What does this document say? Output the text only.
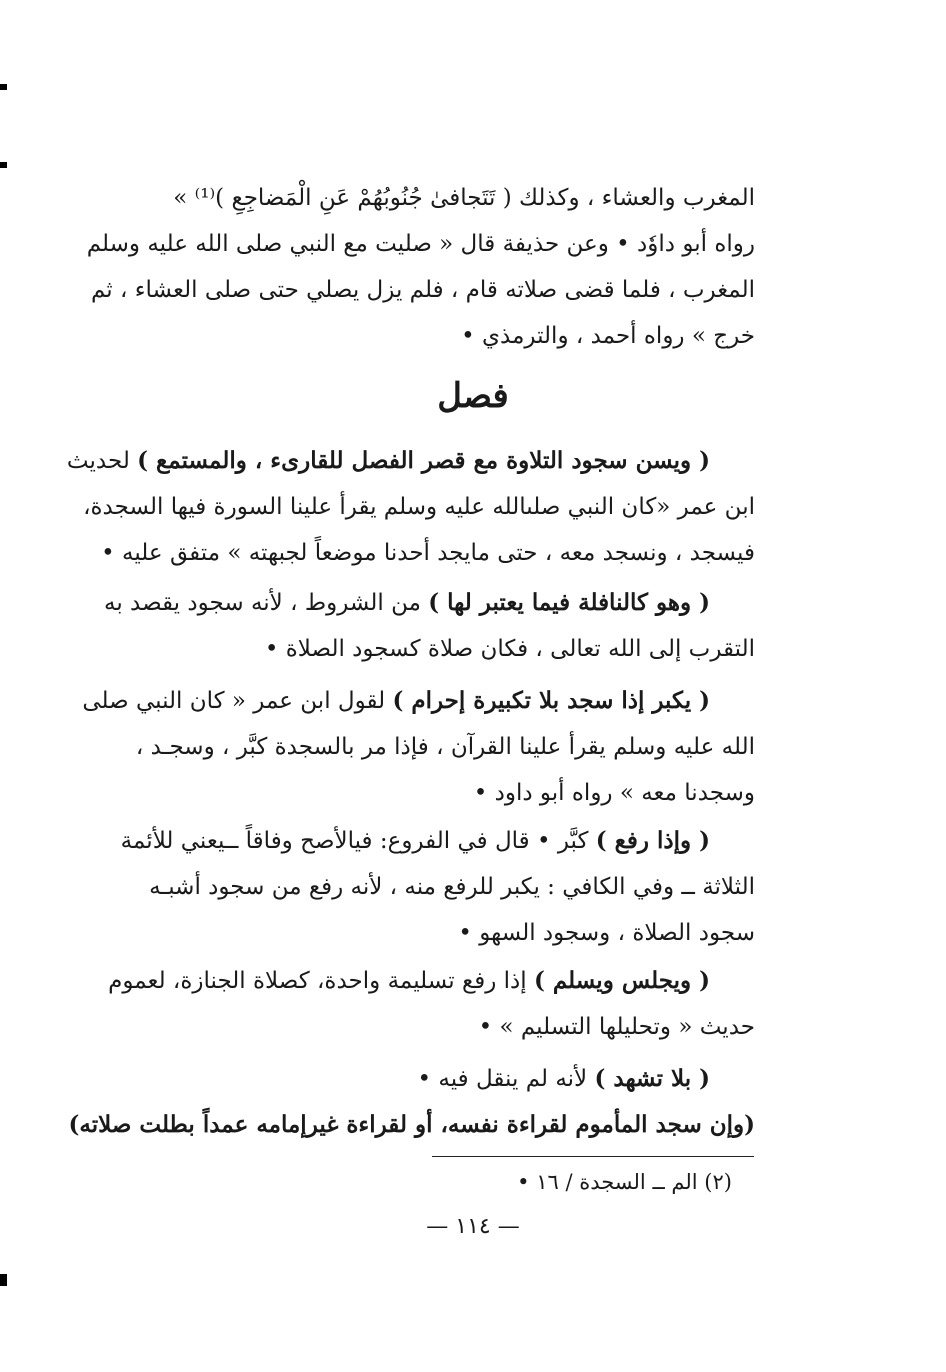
المغرب والعشاء ، وكذلك ( تَتَجافىٰ جُنُوبُهُمْ عَنِ الْمَضاجِعِ )⁽¹⁾ »
رواه أبو داوٗد • وعن حذيفة قال « صليت مع النبي صلى الله عليه وسلم
المغرب ، فلما قضى صلاته قام ، فلم يزل يصلي حتى صلى العشاء ، ثم
خرج » رواه أحمد ، والترمذي •
فصل
( ويسن سجود التلاوة مع قصر الفصل للقارىء ، والمستمع ) لحديث
ابن عمر «كان النبي صلىالله عليه وسلم يقرأ علينا السورة فيها السجدة،
فيسجد ، ونسجد معه ، حتى مايجد أحدنا موضعاً لجبهته » متفق عليه •
( وهو كالنافلة فيما يعتبر لها ) من الشروط ، لأنه سجود يقصد به
التقرب إلى الله تعالى ، فكان صلاة كسجود الصلاة •
( يكبر إذا سجد بلا تكبيرة إحرام ) لقول ابن عمر « كان النبي صلى
الله عليه وسلم يقرأ علينا القرآن ، فإذا مر بالسجدة كبَّر ، وسجـد ،
وسجدنا معه » رواه أبو داود •
( وإذا رفع ) كبَّر • قال في الفروع: فيالأصح وفاقاً ــيعني للأئمة
الثلاثة ــ وفي الكافي : يكبر للرفع منه ، لأنه رفع من سجود أشبـه
سجود الصلاة ، وسجود السهو •
( ويجلس ويسلم ) إذا رفع تسليمة واحدة، كصلاة الجنازة، لعموم
حديث « وتحليلها التسليم » •
( بلا تشهد ) لأنه لم ينقل فيه •
(وإن سجد المأموم لقراءة نفسه، أو لقراءة غيرإمامه عمداً بطلت صلاته)
(٢) الم ــ السجدة / ١٦ •
— ١١٤ —
